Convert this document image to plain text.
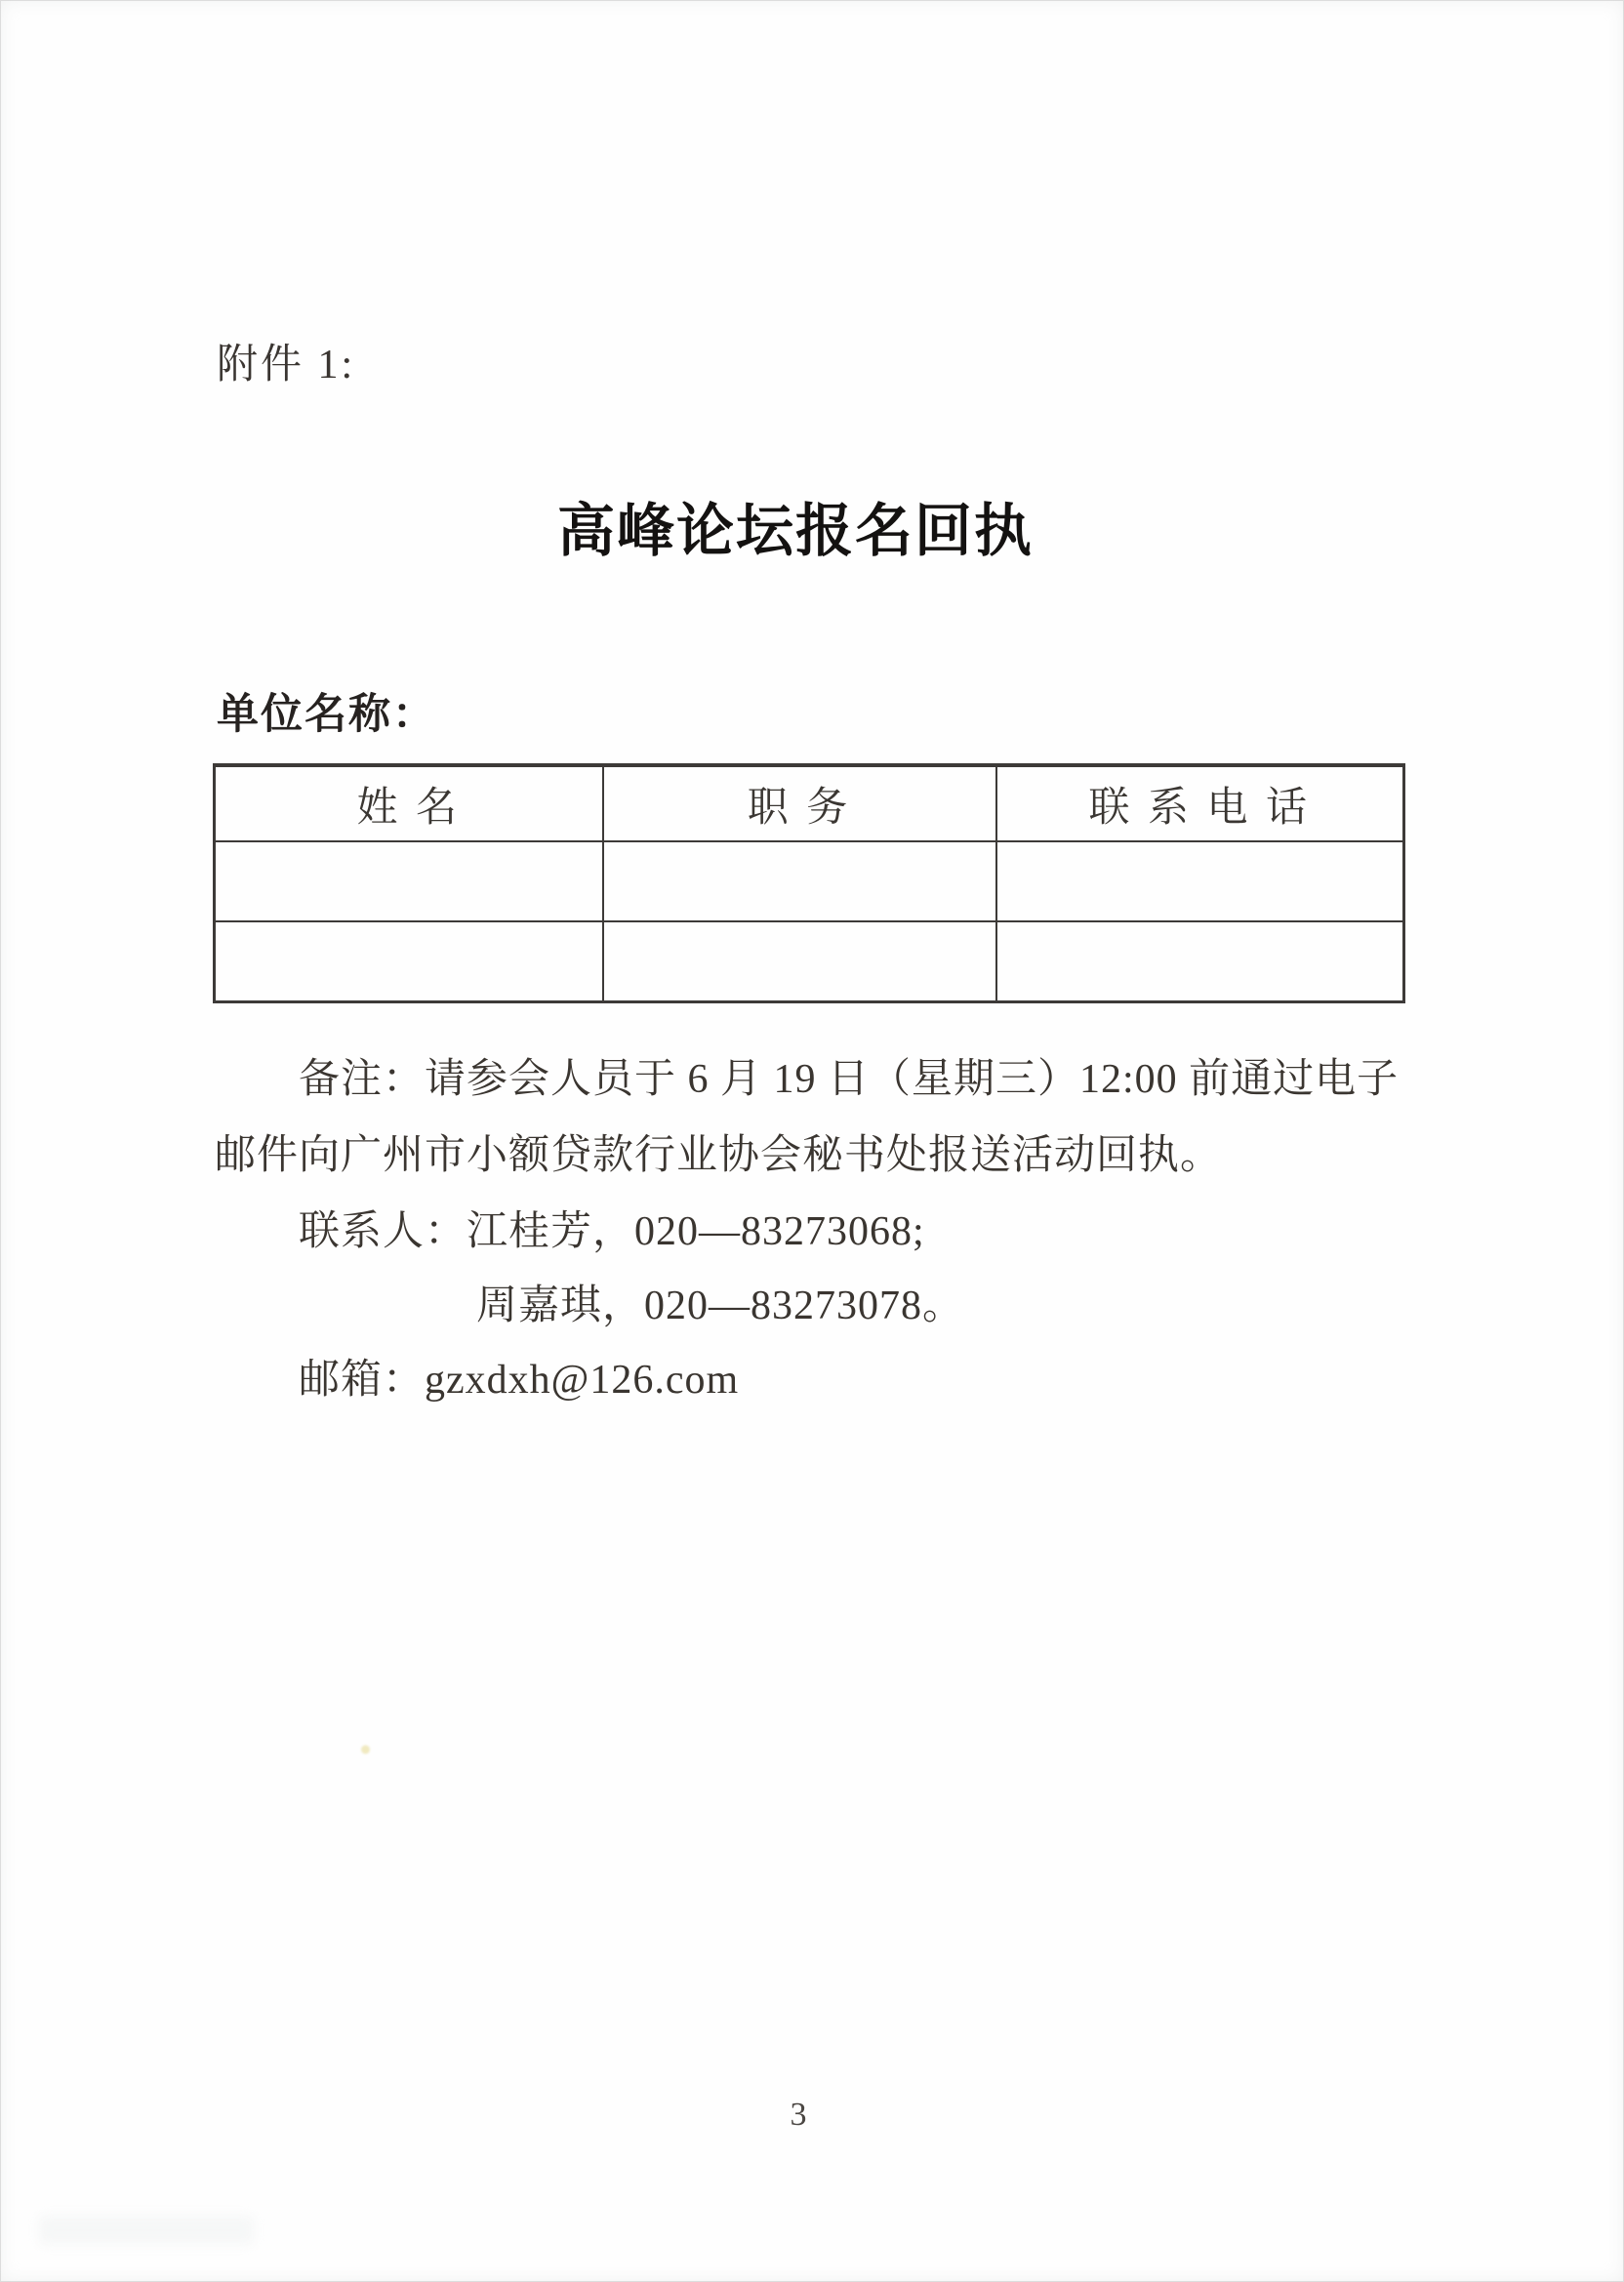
附件 1:
高峰论坛报名回执
单位名称：
姓 名	职 务	联 系 电 话

备注：请参会人员于 6 月 19 日（星期三）12:00 前通过电子
邮件向广州市小额贷款行业协会秘书处报送活动回执。
联系人：江桂芳，020—83273068;
周嘉琪，020—83273078。
邮箱：gzxdxh@126.com
3
